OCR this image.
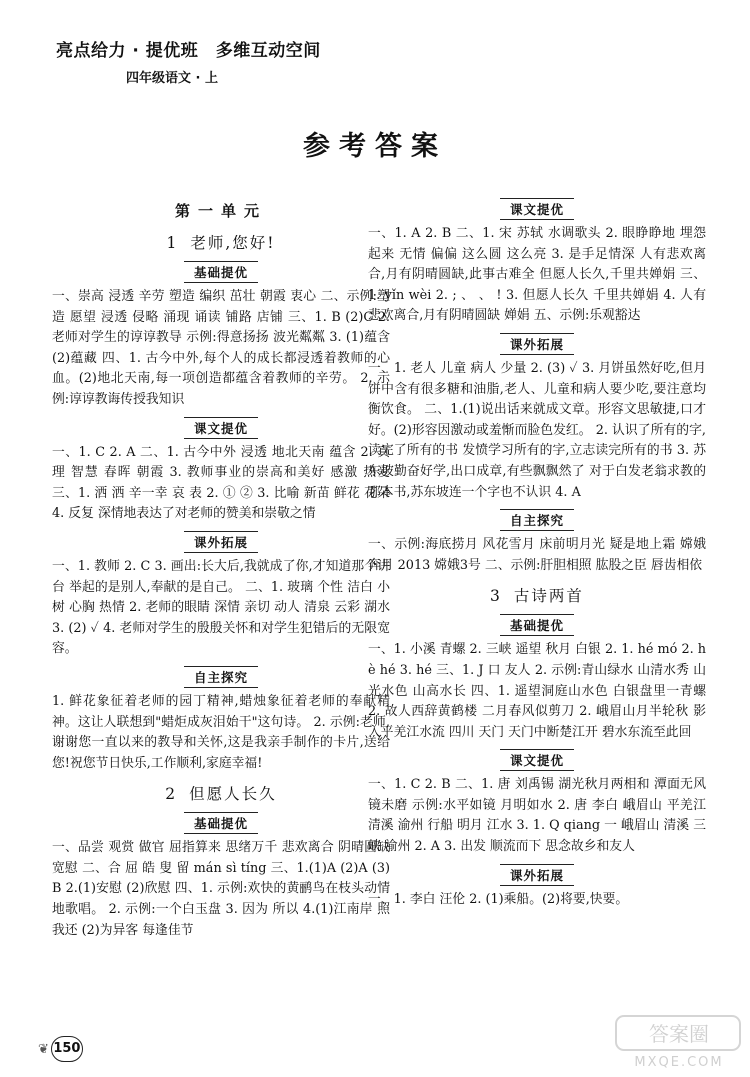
亮点给力 · 提优班　多维互动空间
四年级语文 · 上
参考答案
第一单元
1 老师,您好!
基础提优
一、崇高 浸透 辛劳 塑造 编织 茁壮 朝霞 衷心 二、示例:塑造 愿望 浸透 侵略 涌现 诵读 铺路 店铺 三、1. B (2)C 2. 老师对学生的谆谆教导 示例:得意扬扬 波光粼粼 3. (1)蕴含 (2)蕴藏 四、1. 古今中外,每个人的成长都浸透着教师的心血。(2)地北天南,每一项创造都蕴含着教师的辛劳。 2. 示例:谆谆教诲传授我知识
课文提优
一、1. C 2. A 二、1. 古今中外 浸透 地北天南 蕴含 2. 真理 智慧 春晖 朝霞 3. 教师事业的崇高和美好 感激 热爱 三、1. 洒 洒 辛一幸 哀 表 2. ① ② 3. 比喻 新苗 鲜花 花朵 4. 反复 深情地表达了对老师的赞美和崇敬之情
课外拓展
一、1. 教师 2. C 3. 画出:长大后,我就成了你,才知道那个讲台 举起的是别人,奉献的是自己。 二、1. 玻璃 个性 洁白 小树 心胸 热情 2. 老师的眼睛 深情 亲切 动人 清泉 云彩 湖水 3. (2) ✓ 4. 老师对学生的殷殷关怀和对学生犯错后的无限宽容。
自主探究
1. 鲜花象征着老师的园丁精神,蜡烛象征着老师的奉献精神。这让人联想到"蜡炬成灰泪始干"这句诗。 2. 示例:老师,谢谢您一直以来的教导和关怀,这是我亲手制作的卡片,送给您!祝您节日快乐,工作顺利,家庭幸福!
2 但愿人长久
基础提优
一、品尝 观赏 做官 屈指算来 思绪万千 悲欢离合 阴晴圆缺 宽慰 二、合 屈 皓 叟 留 mán sì tíng 三、1.(1)A (2)A (3)B 2.(1)安慰 (2)欣慰 四、1. 示例:欢快的黄鹂鸟在枝头动情地歌唱。 2. 示例:一个白玉盘 3. 因为 所以 4.(1)江南岸 照我还 (2)为异客 每逢佳节
课文提优
一、1. A 2. B 二、1. 宋 苏轼 水调歌头 2. 眼睁睁地 埋怨起来 无情 偏偏 这么圆 这么亮 3. 是手足情深 人有悲欢离合,月有阴晴圆缺,此事古难全 但愿人长久,千里共婵娟 三、1. yǐn wèi 2. ; 、 、 ! 3. 但愿人长久 千里共婵娟 4. 人有悲欢离合,月有阴晴圆缺 婵娟 五、示例:乐观豁达
课外拓展
一、1. 老人 儿童 病人 少量 2. (3) ✓ 3. 月饼虽然好吃,但月饼中含有很多糖和油脂,老人、儿童和病人要少吃,要注意均衡饮食。 二、1.(1)说出话来就成文章。形容文思敏捷,口才好。(2)形容因激动或羞惭而脸色发红。 2. 认识了所有的字,读完了所有的书 发愤学习所有的字,立志读完所有的书 3. 苏东坡勤奋好学,出口成章,有些飘飘然了 对于白发老翁求教的那本书,苏东坡连一个字也不认识 4. A
自主探究
一、示例:海底捞月 风花雪月 床前明月光 疑是地上霜 嫦娥奔月 2013 嫦娥3号 二、示例:肝胆相照 肱股之臣 唇齿相依
3 古诗两首
基础提优
一、1. 小溪 青螺 2. 三峡 遥望 秋月 白银 2. 1. hé mó 2. hè hé 3. hé 三、1. J 口 友人 2. 示例:青山绿水 山清水秀 山光水色 山高水长 四、1. 遥望洞庭山水色 白银盘里一青螺 2. 故人西辞黄鹤楼 二月春风似剪刀 2. 峨眉山月半轮秋 影入平羌江水流 四川 天门 天门中断楚江开 碧水东流至此回
课文提优
一、1. C 2. B 二、1. 唐 刘禹锡 湖光秋月两相和 潭面无风镜未磨 示例:水平如镜 月明如水 2. 唐 李白 峨眉山 平羌江 清溪 渝州 行船 明月 江水 3. 1. Q qiang 一 峨眉山 清溪 三峡 渝州 2. A 3. 出发 顺流而下 思念故乡和友人
课外拓展
一、1. 李白 汪伦 2. (1)乘船。(2)将要,快要。
❦ 150
答案圈
MXQE.COM
